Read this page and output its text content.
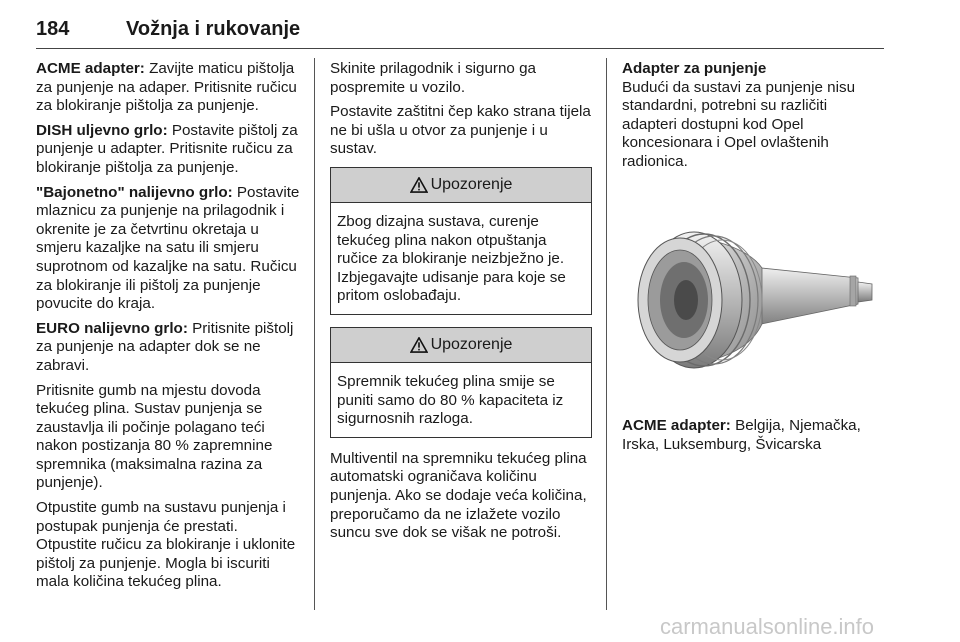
184	Vožnja i rukovanje

ACME adapter: Zavijte maticu pištolja za punjenje na adaper. Pritisnite ručicu za blokiranje pištolja za punjenje.

DISH uljevno grlo: Postavite pištolj za punjenje u adapter. Pritisnite ručicu za blokiranje pištolja za punjenje.

"Bajonetno" nalijevno grlo: Postavite mlaznicu za punjenje na prilagodnik i okrenite je za četvrtinu okretaja u smjeru kazaljke na satu ili smjeru suprotnom od kazaljke na satu. Ručicu za blokiranje ili pištolj za punjenje povucite do kraja.

EURO nalijevno grlo: Pritisnite pištolj za punjenje na adapter dok se ne zabravi.

Pritisnite gumb na mjestu dovoda tekućeg plina. Sustav punjenja se zaustavlja ili počinje polagano teći nakon postizanja 80 % zapremnine spremnika (maksimalna razina za punjenje).

Otpustite gumb na sustavu punjenja i postupak punjenja će prestati. Otpustite ručicu za blokiranje i uklonite pištolj za punjenje. Mogla bi iscuriti mala količina tekućeg plina.

Skinite prilagodnik i sigurno ga pospremite u vozilo.

Postavite zaštitni čep kako strana tijela ne bi ušla u otvor za punjenje i u sustav.

Upozorenje
Zbog dizajna sustava, curenje tekućeg plina nakon otpuštanja ručice za blokiranje neizbježno je. Izbjegavajte udisanje para koje se pritom oslobađaju.
Upozorenje
Spremnik tekućeg plina smije se puniti samo do 80 % kapaciteta iz sigurnosnih razloga.

Multiventil na spremniku tekućeg plina automatski ograničava količinu punjenja. Ako se dodaje veća količina, preporučamo da ne izlažete vozilo suncu sve dok se višak ne potroši.

Adapter za punjenje

Budući da sustavi za punjenje nisu standardni, potrebni su različiti adapteri dostupni kod Opel koncesionara i Opel ovlaštenih radionica.

ACME adapter: Belgija, Njemačka, Irska, Luksemburg, Švicarska

carmanualsonline.info
